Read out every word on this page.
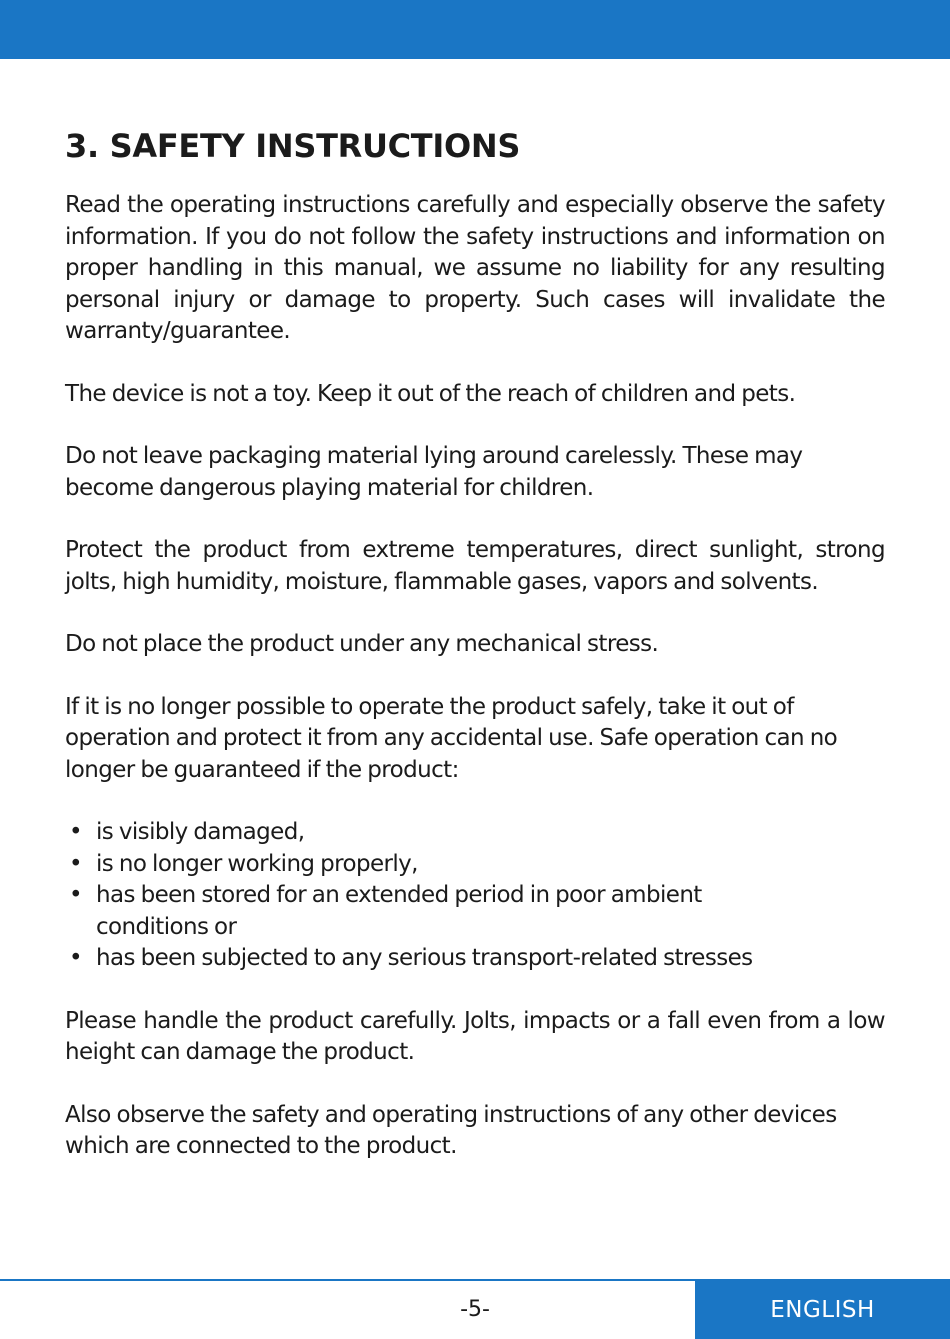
3. SAFETY INSTRUCTIONS

Read the operating instructions carefully and especially observe the safety information. If you do not follow the safety instructions and information on proper handling in this manual, we assume no liability for any resulting personal injury or damage to property. Such cases will invalidate the warranty/guarantee.

The device is not a toy. Keep it out of the reach of children and pets.

Do not leave packaging material lying around carelessly. These may become dangerous playing material for children.

Protect the product from extreme temperatures, direct sunlight, strong jolts, high humidity, moisture, flammable gases, vapors and solvents.

Do not place the product under any mechanical stress.

If it is no longer possible to operate the product safely, take it out of operation and protect it from any accidental use. Safe operation can no longer be guaranteed if the product:

• is visibly damaged,
• is no longer working properly,
• has been stored for an extended period in poor ambient conditions or
• has been subjected to any serious transport-related stresses

Please handle the product carefully. Jolts, impacts or a fall even from a low height can damage the product.

Also observe the safety and operating instructions of any other devices which are connected to the product.

-5-	ENGLISH
